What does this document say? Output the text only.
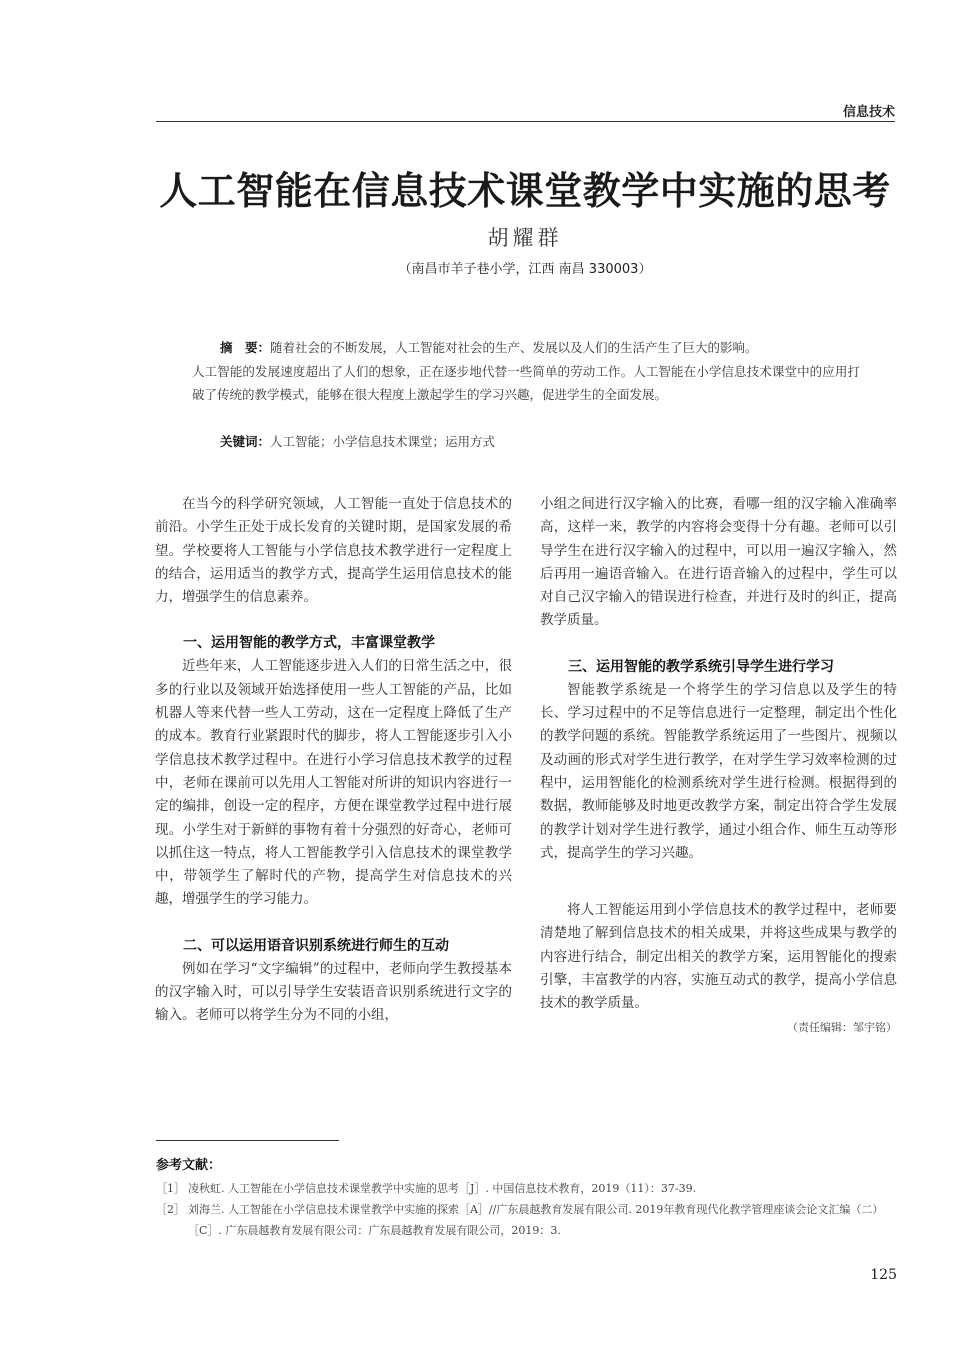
信息技术
人工智能在信息技术课堂教学中实施的思考
胡耀群
（南昌市羊子巷小学，江西 南昌 330003）

摘　要：随着社会的不断发展，人工智能对社会的生产、发展以及人们的生活产生了巨大的影响。

人工智能的发展速度超出了人们的想象，正在逐步地代替一些简单的劳动工作。人工智能在小学信息技术课堂中的应用打破了传统的教学模式，能够在很大程度上激起学生的学习兴趣，促进学生的全面发展。

关键词：人工智能；小学信息技术课堂；运用方式

在当今的科学研究领域，人工智能一直处于信息技术的前沿。小学生正处于成长发育的关键时期，是国家发展的希望。学校要将人工智能与小学信息技术教学进行一定程度上的结合，运用适当的教学方式，提高学生运用信息技术的能力，增强学生的信息素养。

一、运用智能的教学方式，丰富课堂教学

近些年来，人工智能逐步进入人们的日常生活之中，很多的行业以及领域开始选择使用一些人工智能的产品，比如机器人等来代替一些人工劳动，这在一定程度上降低了生产的成本。教育行业紧跟时代的脚步，将人工智能逐步引入小学信息技术教学过程中。在进行小学习信息技术教学的过程中，老师在课前可以先用人工智能对所讲的知识内容进行一定的编排，创设一定的程序，方便在课堂教学过程中进行展现。小学生对于新鲜的事物有着十分强烈的好奇心，老师可以抓住这一特点，将人工智能教学引入信息技术的课堂教学中，带领学生了解时代的产物，提高学生对信息技术的兴趣，增强学生的学习能力。

二、可以运用语音识别系统进行师生的互动

例如在学习“文字编辑”的过程中，老师向学生教授基本的汉字输入时，可以引导学生安装语音识别系统进行文字的输入。老师可以将学生分为不同的小组，

小组之间进行汉字输入的比赛，看哪一组的汉字输入准确率高，这样一来，教学的内容将会变得十分有趣。老师可以引导学生在进行汉字输入的过程中，可以用一遍汉字输入，然后再用一遍语音输入。在进行语音输入的过程中，学生可以对自己汉字输入的错误进行检查，并进行及时的纠正，提高教学质量。

三、运用智能的教学系统引导学生进行学习

智能教学系统是一个将学生的学习信息以及学生的特长、学习过程中的不足等信息进行一定整理，制定出个性化的教学问题的系统。智能教学系统运用了一些图片、视频以及动画的形式对学生进行教学，在对学生学习效率检测的过程中，运用智能化的检测系统对学生进行检测。根据得到的数据，教师能够及时地更改教学方案，制定出符合学生发展的教学计划对学生进行教学，通过小组合作、师生互动等形式，提高学生的学习兴趣。

将人工智能运用到小学信息技术的教学过程中，老师要清楚地了解到信息技术的相关成果，并将这些成果与教学的内容进行结合，制定出相关的教学方案，运用智能化的搜索引擎，丰富教学的内容，实施互动式的教学，提高小学信息技术的教学质量。

（责任编辑：邹宇铭）

参考文献：
［1］ 凌秋虹. 人工智能在小学信息技术课堂教学中实施的思考［J］. 中国信息技术教育，2019（11）：37-39.
［2］ 刘海兰. 人工智能在小学信息技术课堂教学中实施的探索［A］//广东晨越教育发展有限公司. 2019年教育现代化教学管理座谈会论文汇编（二）［C］. 广东晨越教育发展有限公司：广东晨越教育发展有限公司，2019：3.
125
